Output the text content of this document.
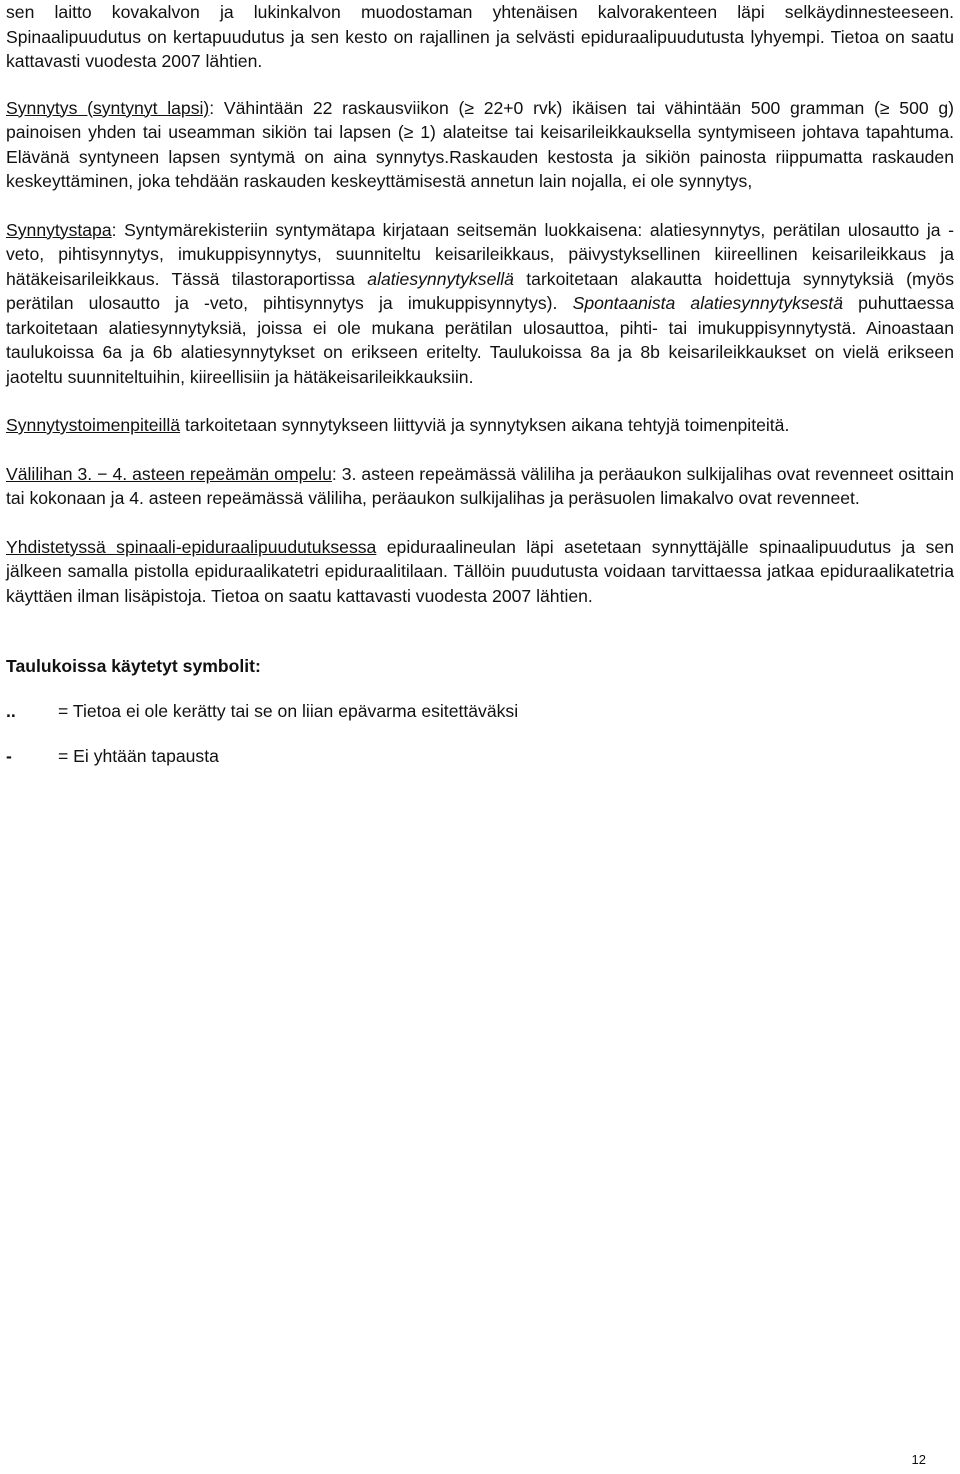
sen laitto kovakalvon ja lukinkalvon muodostaman yhtenäisen kalvorakenteen läpi selkäydinnesteeseen. Spinaalipuudutus on kertapuudutus ja sen kesto on rajallinen ja selvästi epiduraalipuudutusta lyhyempi. Tietoa on saatu kattavasti vuodesta 2007 lähtien.

Synnytys (syntynyt lapsi): Vähintään 22 raskausviikon (≥ 22+0 rvk) ikäisen tai vähintään 500 gramman (≥ 500 g) painoisen yhden tai useamman sikiön tai lapsen (≥ 1) alateitse tai keisarileikkauksella syntymiseen johtava tapahtuma. Elävänä syntyneen lapsen syntymä on aina synnytys.Raskauden kestosta ja sikiön painosta riippumatta raskauden keskeyttäminen, joka tehdään raskauden keskeyttämisestä annetun lain nojalla, ei ole synnytys,

Synnytystapa: Syntymärekisteriin syntymätapa kirjataan seitsemän luokkaisena: alatiesynnytys, perätilan ulosautto ja -veto, pihtisynnytys, imukuppisynnytys, suunniteltu keisarileikkaus, päivystyksellinen kiireellinen keisarileikkaus ja hätäkeisarileikkaus. Tässä tilastoraportissa alatiesynnytyksellä tarkoitetaan alakautta hoidettuja synnytyksiä (myös perätilan ulosautto ja -veto, pihtisynnytys ja imukuppisynnytys). Spontaanista alatiesynnytyksestä puhuttaessa tarkoitetaan alatiesynnytyksiä, joissa ei ole mukana perätilan ulosauttoa, pihti- tai imukuppisynnytystä. Ainoastaan taulukoissa 6a ja 6b alatiesynnytykset on erikseen eritelty. Taulukoissa 8a ja 8b keisarileikkaukset on vielä erikseen jaoteltu suunniteltuihin, kiireellisiin ja hätäkeisarileikkauksiin.

Synnytystoimenpiteillä tarkoitetaan synnytykseen liittyviä ja synnytyksen aikana tehtyjä toimenpiteitä.

Välilihan 3. − 4. asteen repeämän ompelu: 3. asteen repeämässä väliliha ja peräaukon sulkijalihas ovat revenneet osittain tai kokonaan ja 4. asteen repeämässä väliliha, peräaukon sulkijalihas ja peräsuolen limakalvo ovat revenneet.

Yhdistetyssä spinaali-epiduraalipuudutuksessa epiduraalineulan läpi asetetaan synnyttäjälle spinaalipuudutus ja sen jälkeen samalla pistolla epiduraalikatetri epiduraalitilaan. Tällöin puudutusta voidaan tarvittaessa jatkaa epiduraalikatetria käyttäen ilman lisäpistoja. Tietoa on saatu kattavasti vuodesta 2007 lähtien.

Taulukoissa käytetyt symbolit:

..	= Tietoa ei ole kerätty tai se on liian epävarma esitettäväksi
-	= Ei yhtään tapausta
12
